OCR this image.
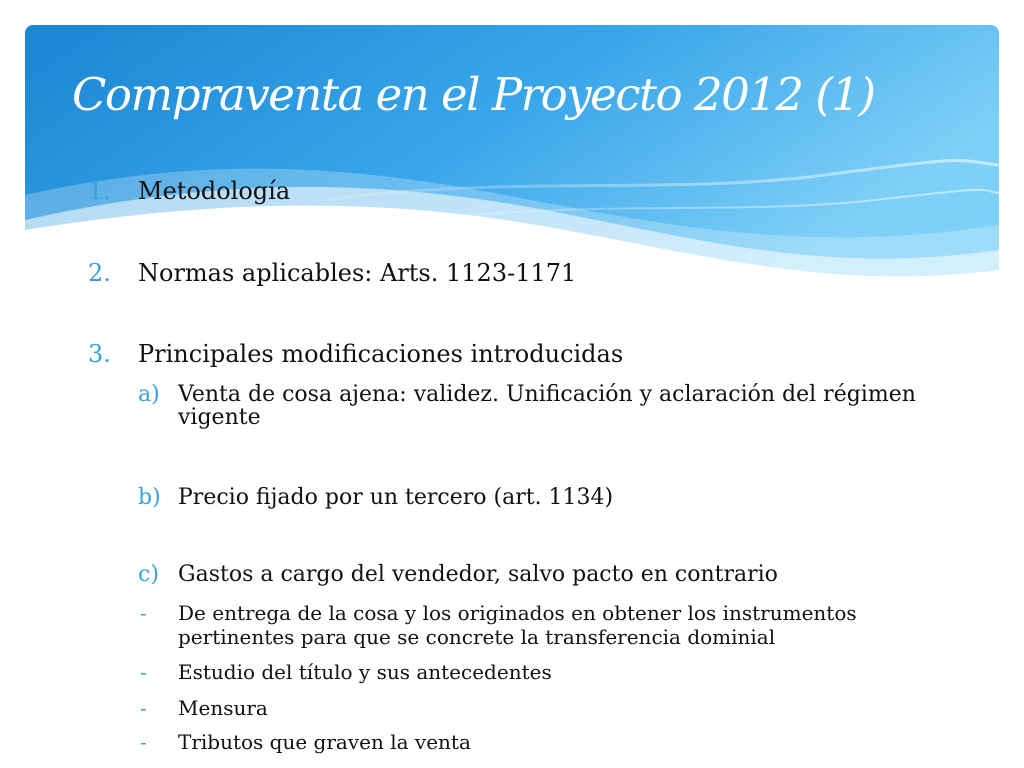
Compraventa en el Proyecto 2012 (1)
1. Metodología
2. Normas aplicables: Arts. 1123-1171
3. Principales modificaciones introducidas
a) Venta de cosa ajena: validez. Unificación y aclaración del régimen vigente
b) Precio fijado por un tercero (art. 1134)
c) Gastos a cargo del vendedor, salvo pacto en contrario
- De entrega de la cosa y los originados en obtener los instrumentos pertinentes para que se concrete la transferencia dominial
- Estudio del título y sus antecedentes
- Mensura
- Tributos que graven la venta
